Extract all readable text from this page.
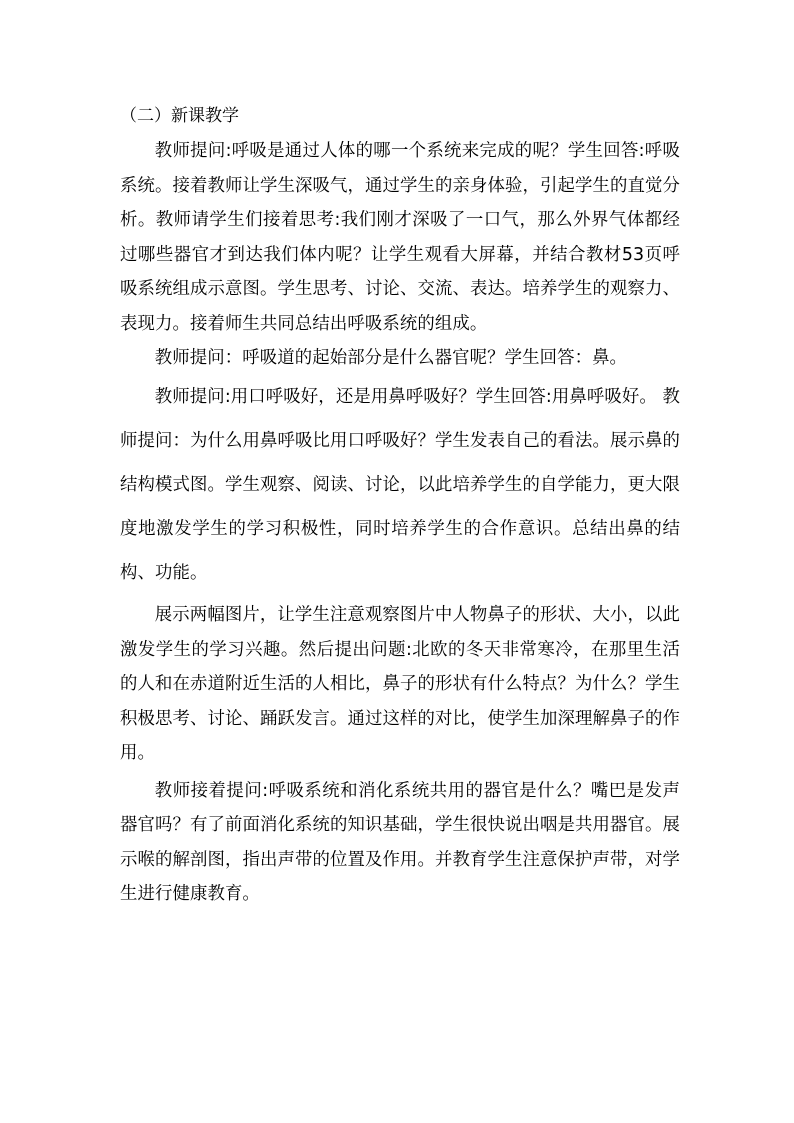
（二）新课教学

教师提问:呼吸是通过人体的哪一个系统来完成的呢？学生回答:呼吸系统。接着教师让学生深吸气，通过学生的亲身体验，引起学生的直觉分析。教师请学生们接着思考:我们刚才深吸了一口气，那么外界气体都经过哪些器官才到达我们体内呢？让学生观看大屏幕，并结合教材53页呼吸系统组成示意图。学生思考、讨论、交流、表达。培养学生的观察力、表现力。接着师生共同总结出呼吸系统的组成。

教师提问：呼吸道的起始部分是什么器官呢？学生回答：鼻。

教师提问:用口呼吸好，还是用鼻呼吸好？学生回答:用鼻呼吸好。 教师提问：为什么用鼻呼吸比用口呼吸好？学生发表自己的看法。展示鼻的结构模式图。学生观察、阅读、讨论，以此培养学生的自学能力，更大限度地激发学生的学习积极性，同时培养学生的合作意识。总结出鼻的结构、功能。

展示两幅图片，让学生注意观察图片中人物鼻子的形状、大小，以此激发学生的学习兴趣。然后提出问题:北欧的冬天非常寒冷，在那里生活的人和在赤道附近生活的人相比，鼻子的形状有什么特点？为什么？学生积极思考、讨论、踊跃发言。通过这样的对比，使学生加深理解鼻子的作用。

教师接着提问:呼吸系统和消化系统共用的器官是什么？嘴巴是发声器官吗？有了前面消化系统的知识基础，学生很快说出咽是共用器官。展示喉的解剖图，指出声带的位置及作用。并教育学生注意保护声带，对学生进行健康教育。
